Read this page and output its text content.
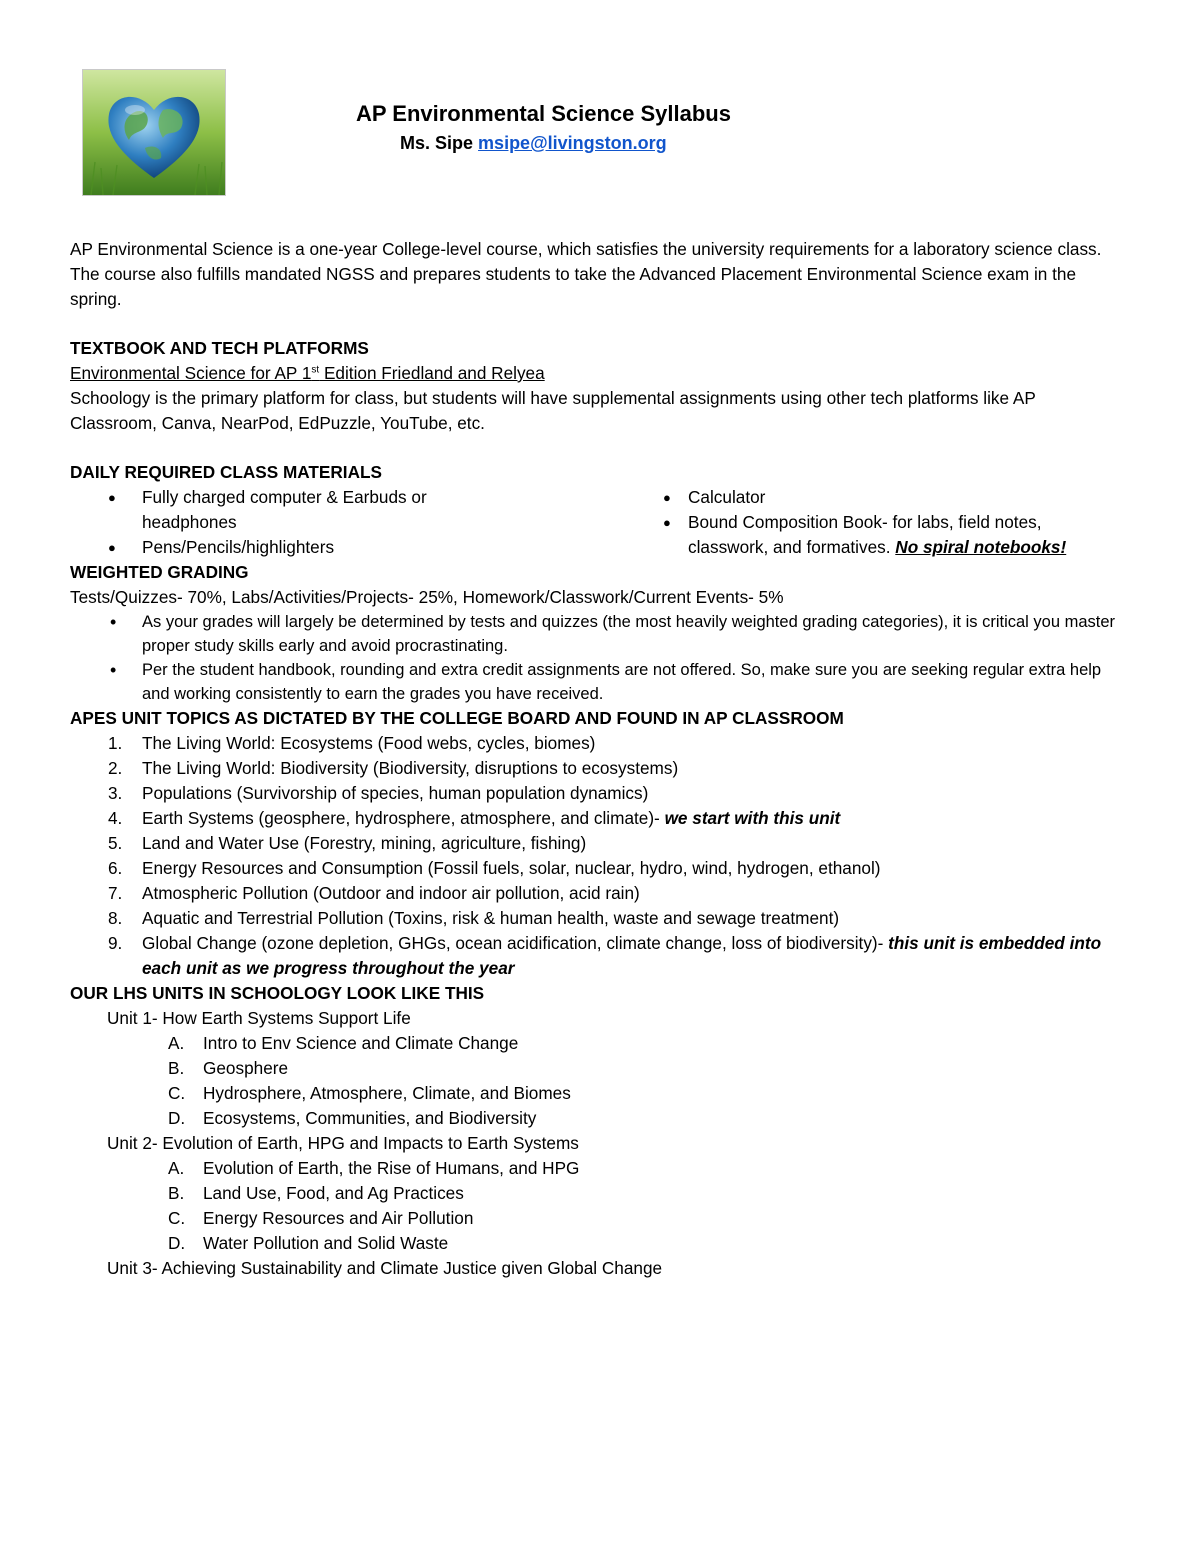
AP Environmental Science Syllabus
Ms. Sipe msipe@livingston.org

AP Environmental Science is a one-year College-level course, which satisfies the university requirements for a laboratory science class. The course also fulfills mandated NGSS and prepares students to take the Advanced Placement Environmental Science exam in the spring.

TEXTBOOK AND TECH PLATFORMS

Environmental Science for AP 1st Edition Friedland and Relyea

Schoology is the primary platform for class, but students will have supplemental assignments using other tech platforms like AP Classroom, Canva, NearPod, EdPuzzle, YouTube, etc.

DAILY REQUIRED CLASS MATERIALS
● Fully charged computer & Earbuds or headphones
● Pens/Pencils/highlighters
● Calculator
● Bound Composition Book- for labs, field notes, classwork, and formatives. No spiral notebooks!
WEIGHTED GRADING

Tests/Quizzes- 70%, Labs/Activities/Projects- 25%, Homework/Classwork/Current Events- 5%

• As your grades will largely be determined by tests and quizzes (the most heavily weighted grading categories), it is critical you master proper study skills early and avoid procrastinating.
• Per the student handbook, rounding and extra credit assignments are not offered. So, make sure you are seeking regular extra help and working consistently to earn the grades you have received.
APES UNIT TOPICS AS DICTATED BY THE COLLEGE BOARD AND FOUND IN AP CLASSROOM
1. The Living World: Ecosystems (Food webs, cycles, biomes)
2. The Living World: Biodiversity (Biodiversity, disruptions to ecosystems)
3. Populations (Survivorship of species, human population dynamics)
4. Earth Systems (geosphere, hydrosphere, atmosphere, and climate)- we start with this unit
5. Land and Water Use (Forestry, mining, agriculture, fishing)
6. Energy Resources and Consumption (Fossil fuels, solar, nuclear, hydro, wind, hydrogen, ethanol)
7. Atmospheric Pollution (Outdoor and indoor air pollution, acid rain)
8. Aquatic and Terrestrial Pollution (Toxins, risk & human health, waste and sewage treatment)
9. Global Change (ozone depletion, GHGs, ocean acidification, climate change, loss of biodiversity)- this unit is embedded into each unit as we progress throughout the year
OUR LHS UNITS IN SCHOOLOGY LOOK LIKE THIS

Unit 1- How Earth Systems Support Life

A. Intro to Env Science and Climate Change
B. Geosphere
C. Hydrosphere, Atmosphere, Climate, and Biomes
D. Ecosystems, Communities, and Biodiversity

Unit 2- Evolution of Earth, HPG and Impacts to Earth Systems

A. Evolution of Earth, the Rise of Humans, and HPG
B. Land Use, Food, and Ag Practices
C. Energy Resources and Air Pollution
D. Water Pollution and Solid Waste

Unit 3- Achieving Sustainability and Climate Justice given Global Change
